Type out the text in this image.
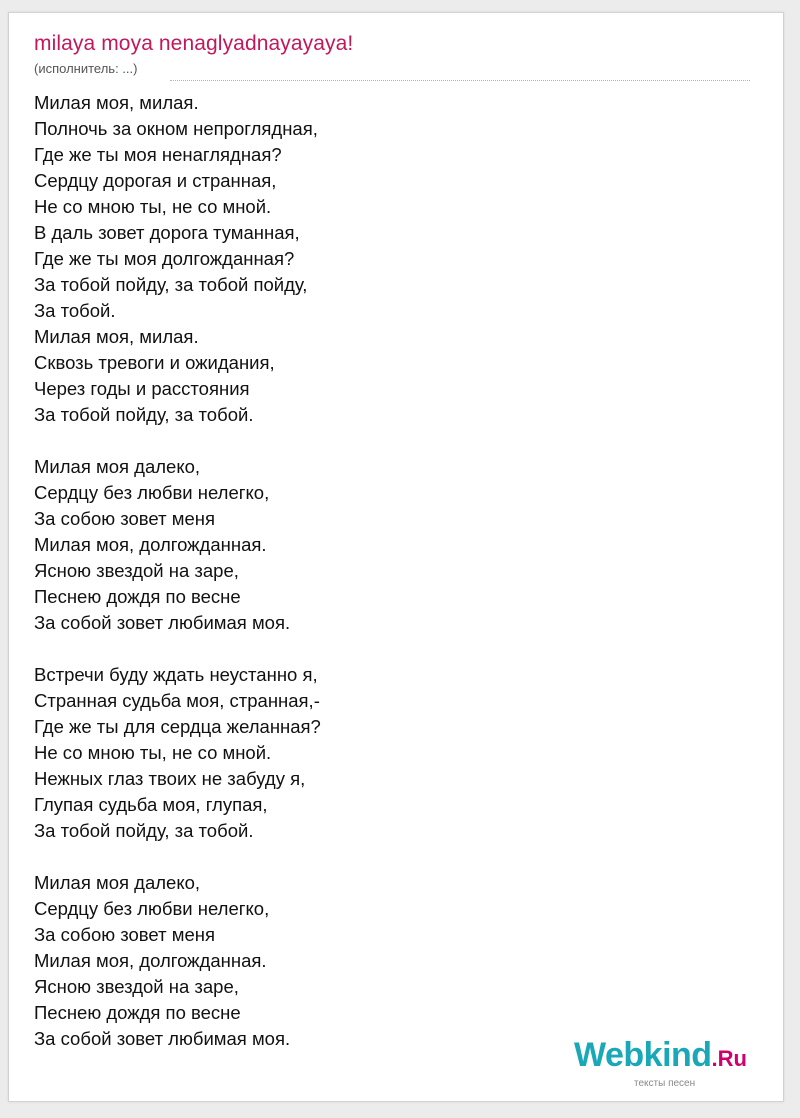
milaya moya nenaglyadnayayaya!
(исполнитель: ...)
Милая моя, милая.
Полночь за окном непроглядная,
Где же ты моя ненаглядная?
Сердцу дорогая и странная,
Не со мною ты, не со мной.
В даль зовет дорога туманная,
Где же ты моя долгожданная?
За тобой пойду, за тобой пойду,
За тобой.
Милая моя, милая.
Сквозь тревоги и ожидания,
Через годы и расстояния
За тобой пойду, за тобой.
Милая моя далеко,
Сердцу без любви нелегко,
За собою зовет меня
Милая моя, долгожданная.
Ясною звездой на заре,
Песнею дождя по весне
За собой зовет любимая моя.
Встречи буду ждать неустанно я,
Странная судьба моя, странная,-
Где же ты для сердца желанная?
Не со мною ты, не со мной.
Нежных глаз твоих не забуду я,
Глупая судьба моя, глупая,
За тобой пойду, за тобой.
Милая моя далеко,
Сердцу без любви нелегко,
За собою зовет меня
Милая моя, долгожданная.
Ясною звездой на заре,
Песнею дождя по весне
За собой зовет любимая моя.	Webkind.Ru
тексты песен
